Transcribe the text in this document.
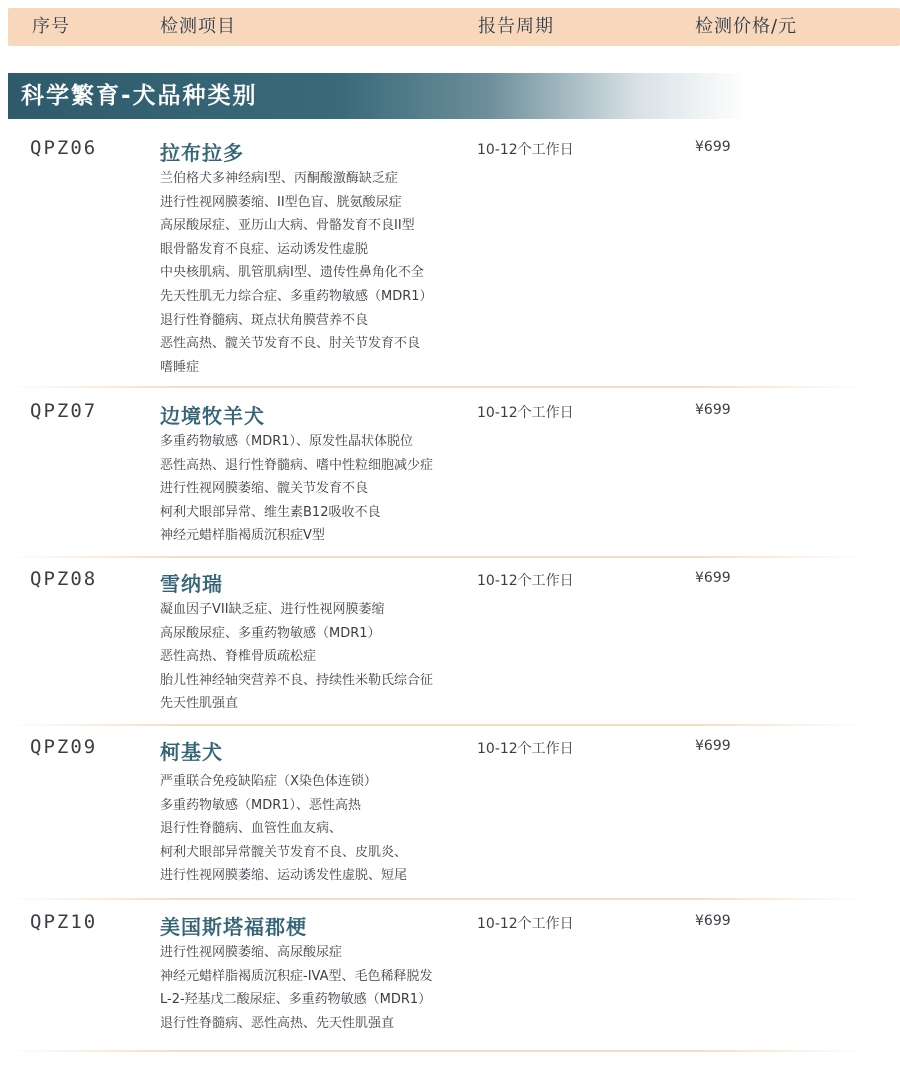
序号	检测项目	报告周期	检测价格/元
科学繁育-犬品种类别
QPZ06	拉布拉多	10-12个工作日	¥699
兰伯格犬多神经病I型、丙酮酸激酶缺乏症
进行性视网膜萎缩、II型色盲、胱氨酸尿症
高尿酸尿症、亚历山大病、骨骼发育不良II型
眼骨骼发育不良症、运动诱发性虚脱
中央核肌病、肌管肌病I型、遗传性鼻角化不全
先天性肌无力综合症、多重药物敏感（MDR1）
退行性脊髓病、斑点状角膜营养不良
恶性高热、髋关节发育不良、肘关节发育不良
嗜睡症
QPZ07	边境牧羊犬	10-12个工作日	¥699
多重药物敏感（MDR1）、原发性晶状体脱位
恶性高热、退行性脊髓病、嗜中性粒细胞减少症
进行性视网膜萎缩、髋关节发育不良
柯利犬眼部异常、维生素B12吸收不良
神经元蜡样脂褐质沉积症V型
QPZ08	雪纳瑞	10-12个工作日	¥699
凝血因子VII缺乏症、进行性视网膜萎缩
高尿酸尿症、多重药物敏感（MDR1）
恶性高热、脊椎骨质疏松症
胎儿性神经轴突营养不良、持续性米勒氏综合征
先天性肌强直
QPZ09	柯基犬	10-12个工作日	¥699
严重联合免疫缺陷症（X染色体连锁）
多重药物敏感（MDR1）、恶性高热
退行性脊髓病、血管性血友病、
柯利犬眼部异常髋关节发育不良、皮肌炎、
进行性视网膜萎缩、运动诱发性虚脱、短尾
QPZ10	美国斯塔福郡梗	10-12个工作日	¥699
进行性视网膜萎缩、高尿酸尿症
神经元蜡样脂褐质沉积症-IVA型、毛色稀释脱发
L-2-羟基戊二酸尿症、多重药物敏感（MDR1）
退行性脊髓病、恶性高热、先天性肌强直
